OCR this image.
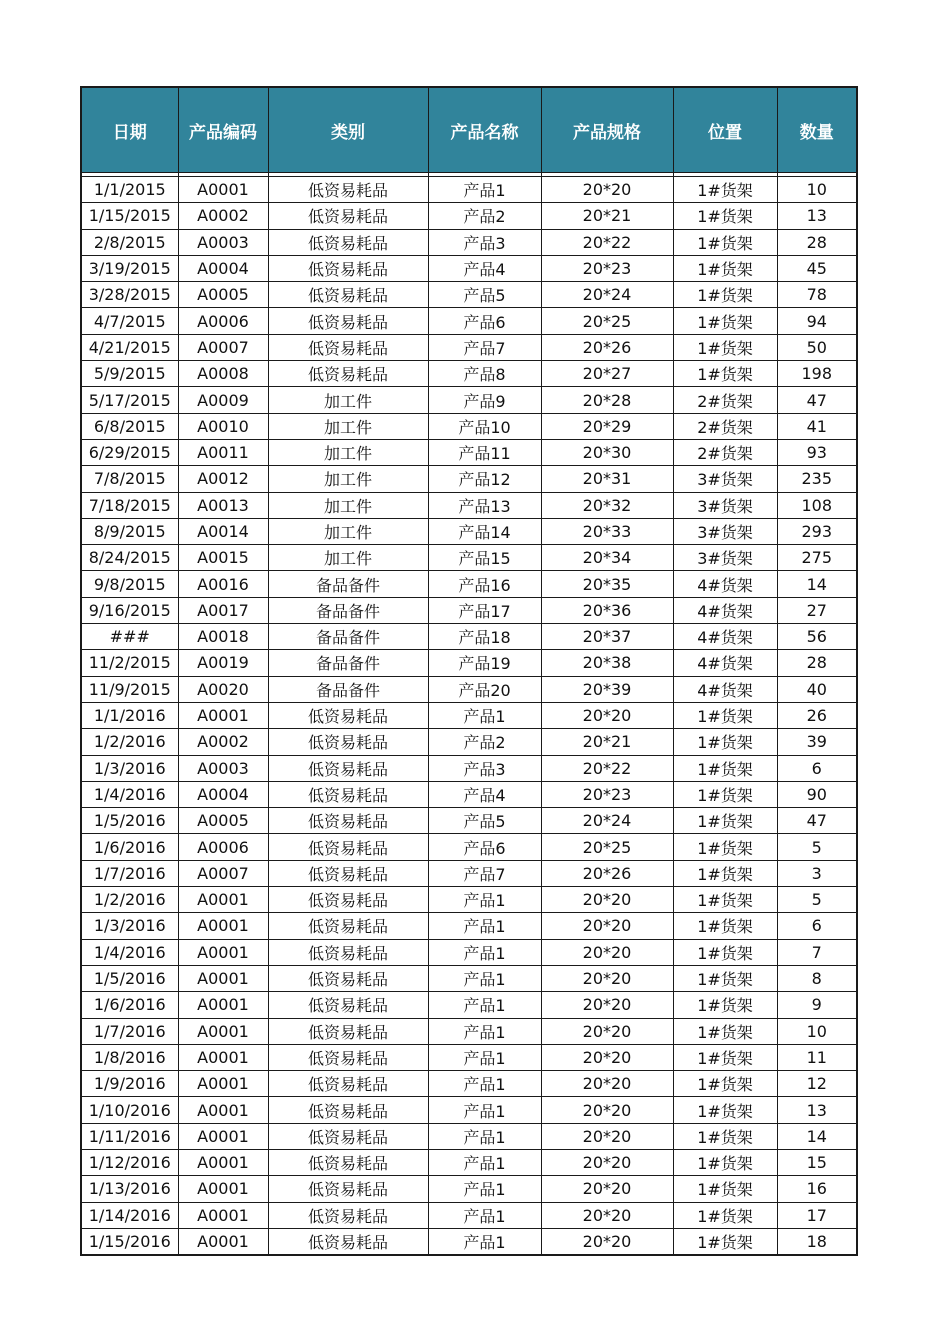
日期	产品编码	类别	产品名称	产品规格	位置	数量

1/1/2015	A0001	低资易耗品	产品1	20*20	1#货架	10
1/15/2015	A0002	低资易耗品	产品2	20*21	1#货架	13
2/8/2015	A0003	低资易耗品	产品3	20*22	1#货架	28
3/19/2015	A0004	低资易耗品	产品4	20*23	1#货架	45
3/28/2015	A0005	低资易耗品	产品5	20*24	1#货架	78
4/7/2015	A0006	低资易耗品	产品6	20*25	1#货架	94
4/21/2015	A0007	低资易耗品	产品7	20*26	1#货架	50
5/9/2015	A0008	低资易耗品	产品8	20*27	1#货架	198
5/17/2015	A0009	加工件	产品9	20*28	2#货架	47
6/8/2015	A0010	加工件	产品10	20*29	2#货架	41
6/29/2015	A0011	加工件	产品11	20*30	2#货架	93
7/8/2015	A0012	加工件	产品12	20*31	3#货架	235
7/18/2015	A0013	加工件	产品13	20*32	3#货架	108
8/9/2015	A0014	加工件	产品14	20*33	3#货架	293
8/24/2015	A0015	加工件	产品15	20*34	3#货架	275
9/8/2015	A0016	备品备件	产品16	20*35	4#货架	14
9/16/2015	A0017	备品备件	产品17	20*36	4#货架	27
###	A0018	备品备件	产品18	20*37	4#货架	56
11/2/2015	A0019	备品备件	产品19	20*38	4#货架	28
11/9/2015	A0020	备品备件	产品20	20*39	4#货架	40
1/1/2016	A0001	低资易耗品	产品1	20*20	1#货架	26
1/2/2016	A0002	低资易耗品	产品2	20*21	1#货架	39
1/3/2016	A0003	低资易耗品	产品3	20*22	1#货架	6
1/4/2016	A0004	低资易耗品	产品4	20*23	1#货架	90
1/5/2016	A0005	低资易耗品	产品5	20*24	1#货架	47
1/6/2016	A0006	低资易耗品	产品6	20*25	1#货架	5
1/7/2016	A0007	低资易耗品	产品7	20*26	1#货架	3
1/2/2016	A0001	低资易耗品	产品1	20*20	1#货架	5
1/3/2016	A0001	低资易耗品	产品1	20*20	1#货架	6
1/4/2016	A0001	低资易耗品	产品1	20*20	1#货架	7
1/5/2016	A0001	低资易耗品	产品1	20*20	1#货架	8
1/6/2016	A0001	低资易耗品	产品1	20*20	1#货架	9
1/7/2016	A0001	低资易耗品	产品1	20*20	1#货架	10
1/8/2016	A0001	低资易耗品	产品1	20*20	1#货架	11
1/9/2016	A0001	低资易耗品	产品1	20*20	1#货架	12
1/10/2016	A0001	低资易耗品	产品1	20*20	1#货架	13
1/11/2016	A0001	低资易耗品	产品1	20*20	1#货架	14
1/12/2016	A0001	低资易耗品	产品1	20*20	1#货架	15
1/13/2016	A0001	低资易耗品	产品1	20*20	1#货架	16
1/14/2016	A0001	低资易耗品	产品1	20*20	1#货架	17
1/15/2016	A0001	低资易耗品	产品1	20*20	1#货架	18
